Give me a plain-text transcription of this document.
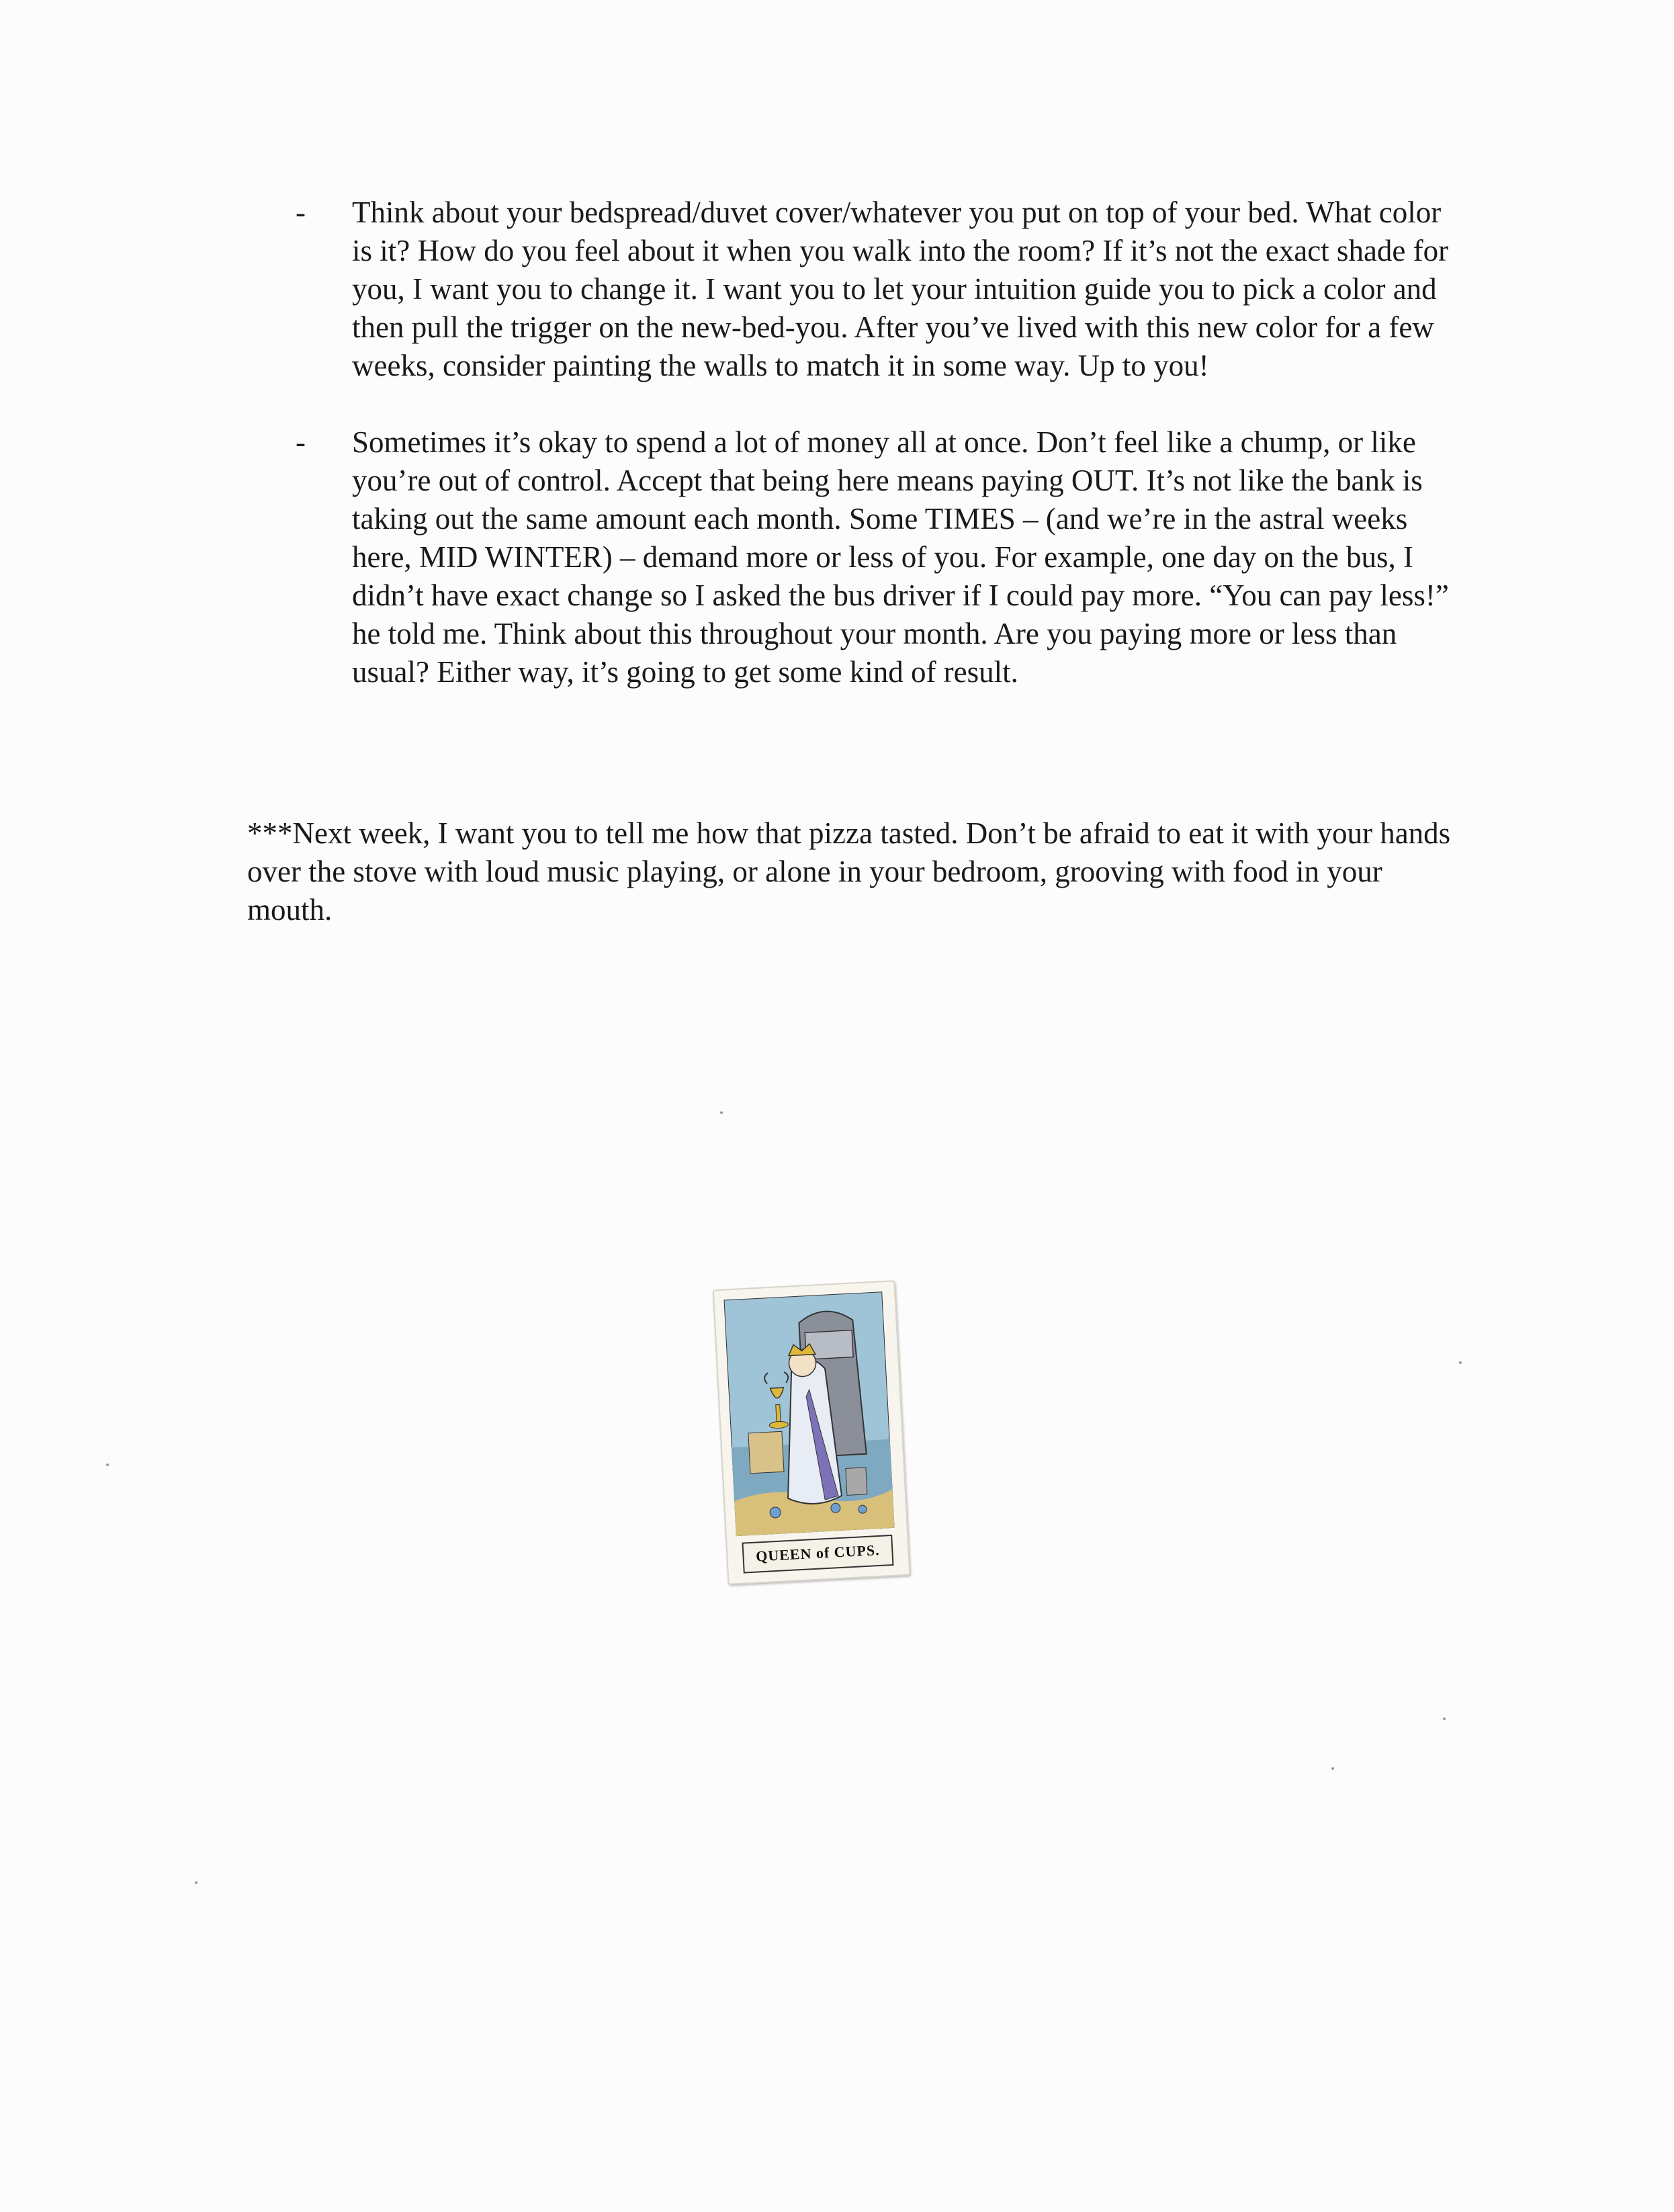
-	Think about your bedspread/duvet cover/whatever you put on top of your bed. What color is it? How do you feel about it when you walk into the room? If it’s not the exact shade for you, I want you to change it. I want you to let your intuition guide you to pick a color and then pull the trigger on the new-bed-you. After you’ve lived with this new color for a few weeks, consider painting the walls to match it in some way. Up to you!
-	Sometimes it’s okay to spend a lot of money all at once. Don’t feel like a chump, or like you’re out of control. Accept that being here means paying OUT. It’s not like the bank is taking out the same amount each month. Some TIMES – (and we’re in the astral weeks here, MID WINTER) – demand more or less of you. For example, one day on the bus, I didn’t have exact change so I asked the bus driver if I could pay more. “You can pay less!” he told me. Think about this throughout your month. Are you paying more or less than usual? Either way, it’s going to get some kind of result.

***Next week, I want you to tell me how that pizza tasted. Don’t be afraid to eat it with your hands over the stove with loud music playing, or alone in your bedroom, grooving with food in your mouth.

QUEEN of CUPS.
